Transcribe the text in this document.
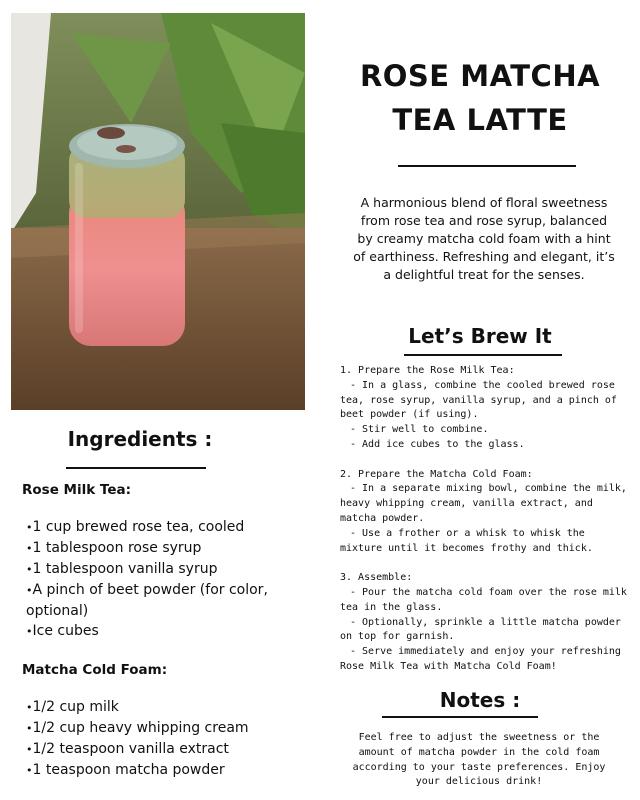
ROSE MATCHA
TEA LATTE
A harmonious blend of floral sweetness from rose tea and rose syrup, balanced by creamy matcha cold foam with a hint of earthiness. Refreshing and elegant, it’s a delightful treat for the senses.
Let’s Brew It
1. Prepare the Rose Milk Tea:
- In a glass, combine the cooled brewed rose tea, rose syrup, vanilla syrup, and a pinch of beet powder (if using).
- Stir well to combine.
- Add ice cubes to the glass.
2. Prepare the Matcha Cold Foam:
- In a separate mixing bowl, combine the milk, heavy whipping cream, vanilla extract, and matcha powder.
- Use a frother or a whisk to whisk the mixture until it becomes frothy and thick.
3. Assemble:
- Pour the matcha cold foam over the rose milk tea in the glass.
- Optionally, sprinkle a little matcha powder on top for garnish.
- Serve immediately and enjoy your refreshing Rose Milk Tea with Matcha Cold Foam!
Notes :
Feel free to adjust the sweetness or the amount of matcha powder in the cold foam according to your taste preferences. Enjoy your delicious drink!
Ingredients :

Rose Milk Tea:

• 1 cup brewed rose tea, cooled
• 1 tablespoon rose syrup
• 1 tablespoon vanilla syrup
• A pinch of beet powder (for color, optional)
• Ice cubes

Matcha Cold Foam:

• 1/2 cup milk
• 1/2 cup heavy whipping cream
• 1/2 teaspoon vanilla extract
• 1 teaspoon matcha powder
